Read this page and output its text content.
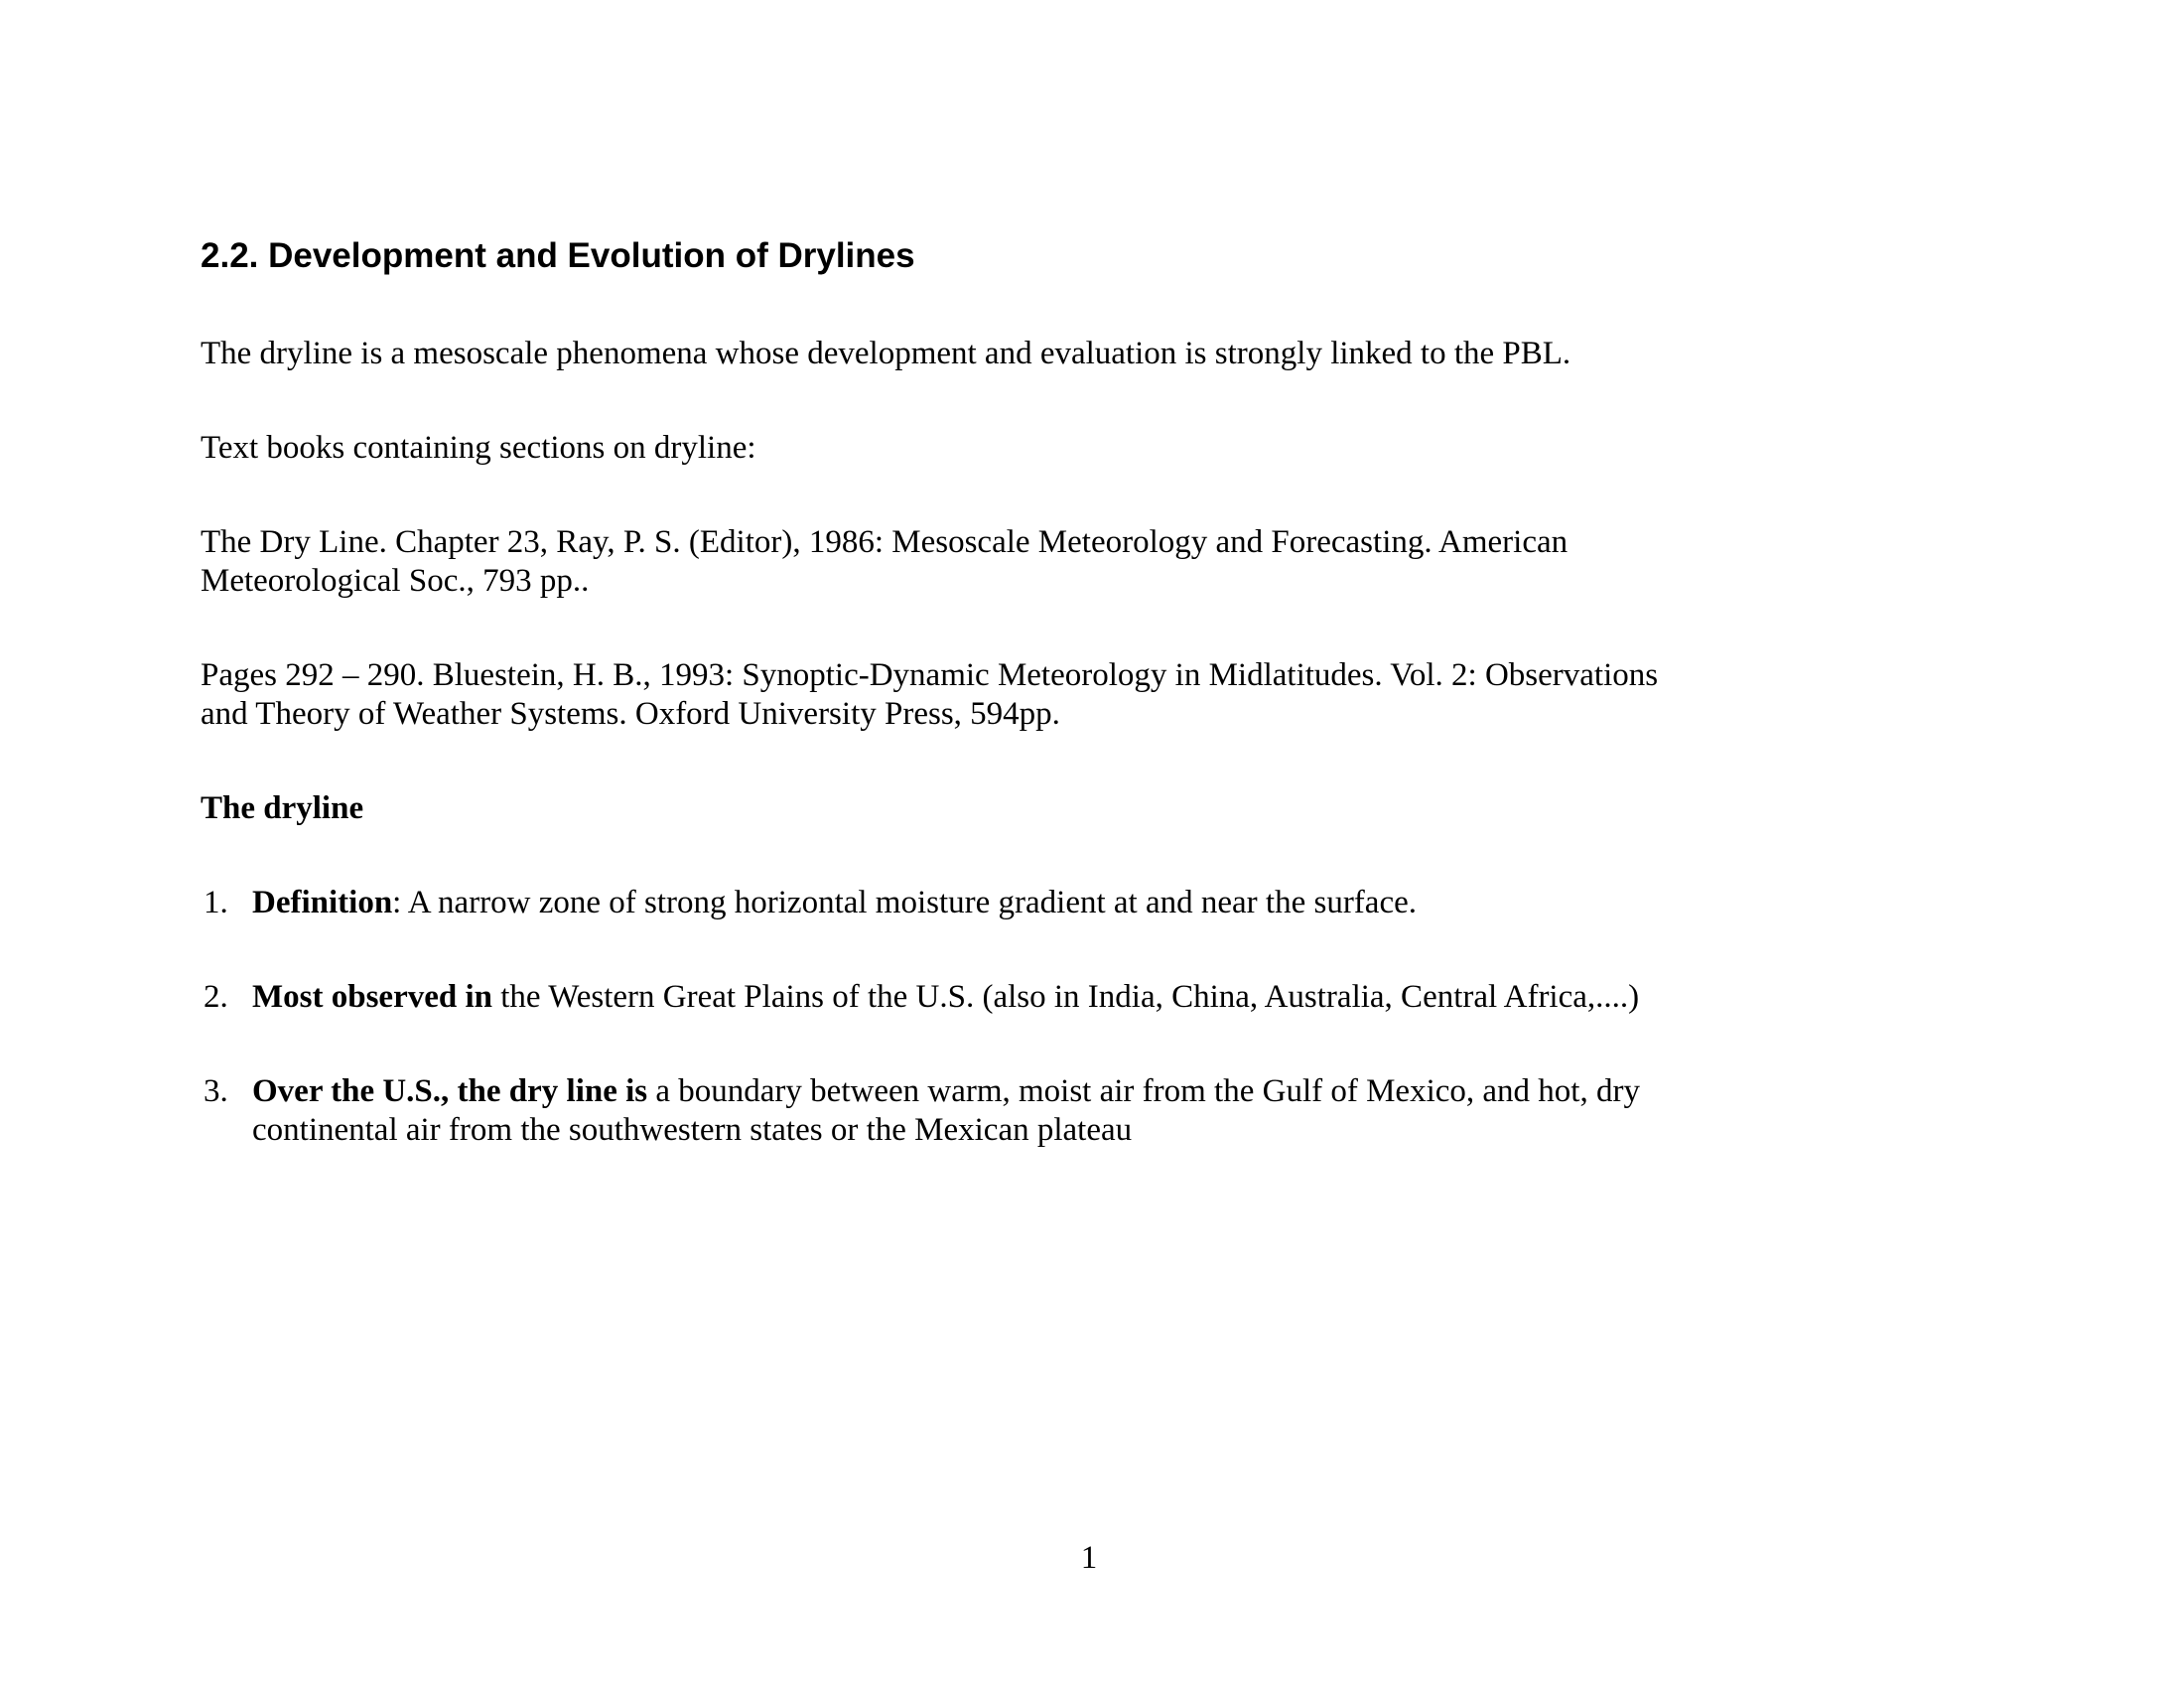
2.2. Development and Evolution of Drylines

The dryline is a mesoscale phenomena whose development and evaluation is strongly linked to the PBL.

Text books containing sections on dryline:

The Dry Line. Chapter 23, Ray, P. S. (Editor), 1986: Mesoscale Meteorology and Forecasting. American
Meteorological Soc., 793 pp..

Pages 292 – 290. Bluestein, H. B., 1993: Synoptic-Dynamic Meteorology in Midlatitudes. Vol. 2: Observations
and Theory of Weather Systems. Oxford University Press, 594pp.

The dryline

1. Definition: A narrow zone of strong horizontal moisture gradient at and near the surface.
2. Most observed in the Western Great Plains of the U.S. (also in India, China, Australia, Central Africa,....)
3. Over the U.S., the dry line is a boundary between warm, moist air from the Gulf of Mexico, and hot, dry
continental air from the southwestern states or the Mexican plateau
1
